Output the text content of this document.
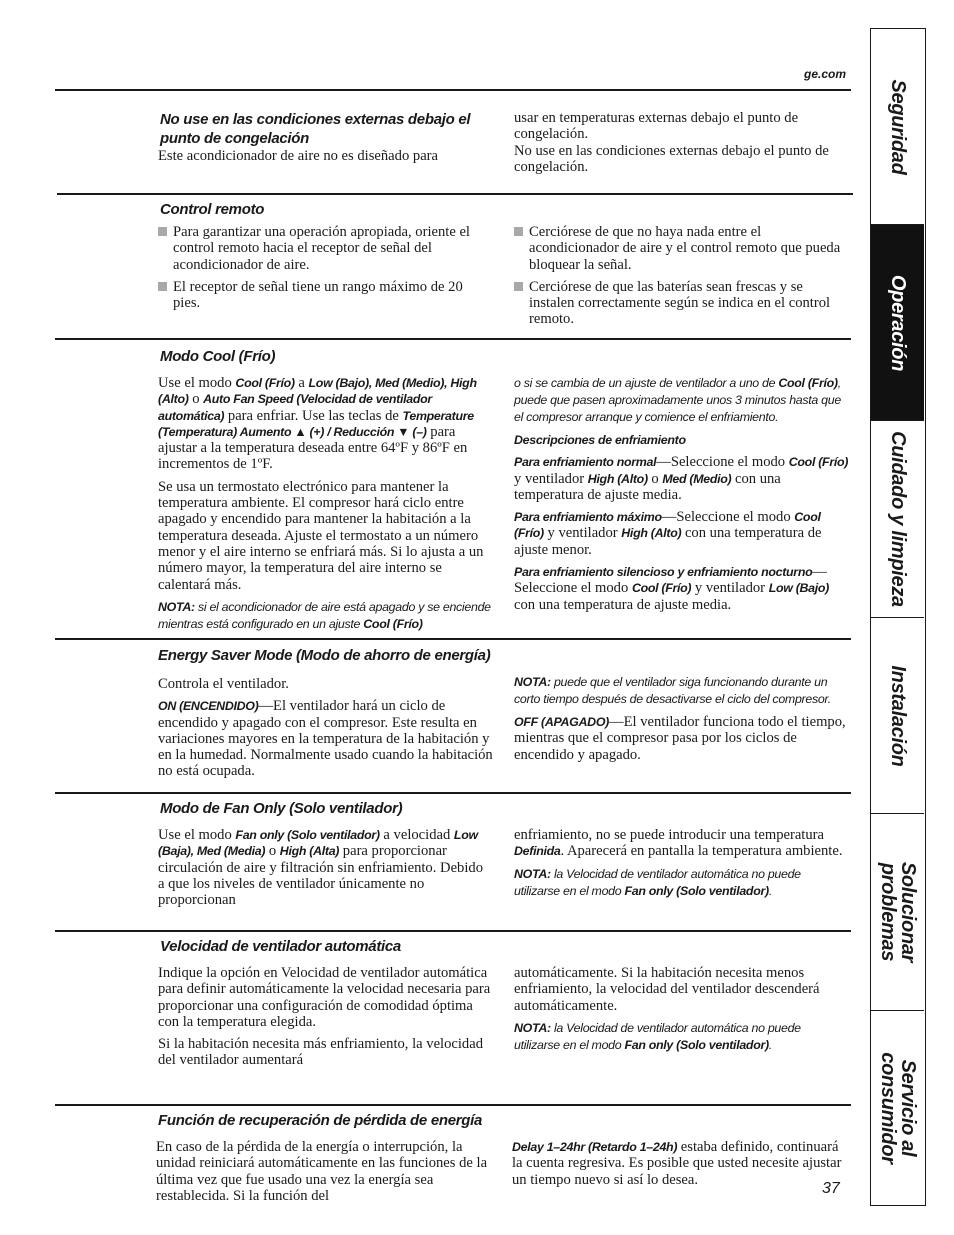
ge.com
No use en las condiciones externas debajo el punto de congelación

Este acondicionador de aire no es diseñado para

usar en temperaturas externas debajo el punto de congelación.

No use en las condiciones externas debajo el punto de congelación.

Control remoto

Para garantizar una operación apropiada, oriente el control remoto hacia el receptor de señal del acondicionador de aire.

El receptor de señal tiene un rango máximo de 20 pies.

Cerciórese de que no haya nada entre el acondicionador de aire y el control remoto que pueda bloquear la señal.

Cerciórese de que las baterías sean frescas y se instalen correctamente según se indica en el control remoto.

Modo Cool (Frío)

Use el modo Cool (Frío) a Low (Bajo), Med (Medio), High (Alto) o Auto Fan Speed (Velocidad de ventilador automática) para enfriar. Use las teclas de Temperature (Temperatura) Aumento ▲ (+) / Reducción ▼ (–) para ajustar a la temperatura deseada entre 64ºF y 86ºF en incrementos de 1ºF.

Se usa un termostato electrónico para mantener la temperatura ambiente. El compresor hará ciclo entre apagado y encendido para mantener la habitación a la temperatura deseada. Ajuste el termostato a un número menor y el aire interno se enfriará más. Si lo ajusta a un número mayor, la temperatura del aire interno se calentará más.

NOTA: si el acondicionador de aire está apagado y se enciende mientras está configurado en un ajuste Cool (Frío)

o si se cambia de un ajuste de ventilador a uno de Cool (Frío), puede que pasen aproximadamente unos 3 minutos hasta que el compresor arranque y comience el enfriamiento.

Descripciones de enfriamiento

Para enfriamiento normal—Seleccione el modo Cool (Frío) y ventilador High (Alto) o Med (Medio) con una temperatura de ajuste media.

Para enfriamiento máximo—Seleccione el modo Cool (Frío) y ventilador High (Alto) con una temperatura de ajuste menor.

Para enfriamiento silencioso y enfriamiento nocturno—Seleccione el modo Cool (Frío) y ventilador Low (Bajo) con una temperatura de ajuste media.

Energy Saver Mode (Modo de ahorro de energía)

Controla el ventilador.

ON (ENCENDIDO)—El ventilador hará un ciclo de encendido y apagado con el compresor. Este resulta en variaciones mayores en la temperatura de la habitación y en la humedad. Normalmente usado cuando la habitación no está ocupada.

NOTA: puede que el ventilador siga funcionando durante un corto tiempo después de desactivarse el ciclo del compresor.

OFF (APAGADO)—El ventilador funciona todo el tiempo, mientras que el compresor pasa por los ciclos de encendido y apagado.

Modo de Fan Only (Solo ventilador)

Use el modo Fan only (Solo ventilador) a velocidad Low (Baja), Med (Media) o High (Alta) para proporcionar circulación de aire y filtración sin enfriamiento. Debido a que los niveles de ventilador únicamente no proporcionan

enfriamiento, no se puede introducir una temperatura Definida. Aparecerá en pantalla la temperatura ambiente.

NOTA: la Velocidad de ventilador automática no puede utilizarse en el modo Fan only (Solo ventilador).

Velocidad de ventilador automática

Indique la opción en Velocidad de ventilador automática para definir automáticamente la velocidad necesaria para proporcionar una configuración de comodidad óptima con la temperatura elegida.

Si la habitación necesita más enfriamiento, la velocidad del ventilador aumentará

automáticamente. Si la habitación necesita menos enfriamiento, la velocidad del ventilador descenderá automáticamente.

NOTA: la Velocidad de ventilador automática no puede utilizarse en el modo Fan only (Solo ventilador).

Función de recuperación de pérdida de energía

En caso de la pérdida de la energía o interrupción, la unidad reiniciará automáticamente en las funciones de la última vez que fue usado una vez la energía sea restablecida. Si la función del

Delay 1–24hr (Retardo 1–24h) estaba definido, continuará la cuenta regresiva. Es posible que usted necesite ajustar un tiempo nuevo si así lo desea.

Seguridad
Operación
Cuidado y limpieza
Instalación
Solucionar problemas
Servicio al consumidor
37
